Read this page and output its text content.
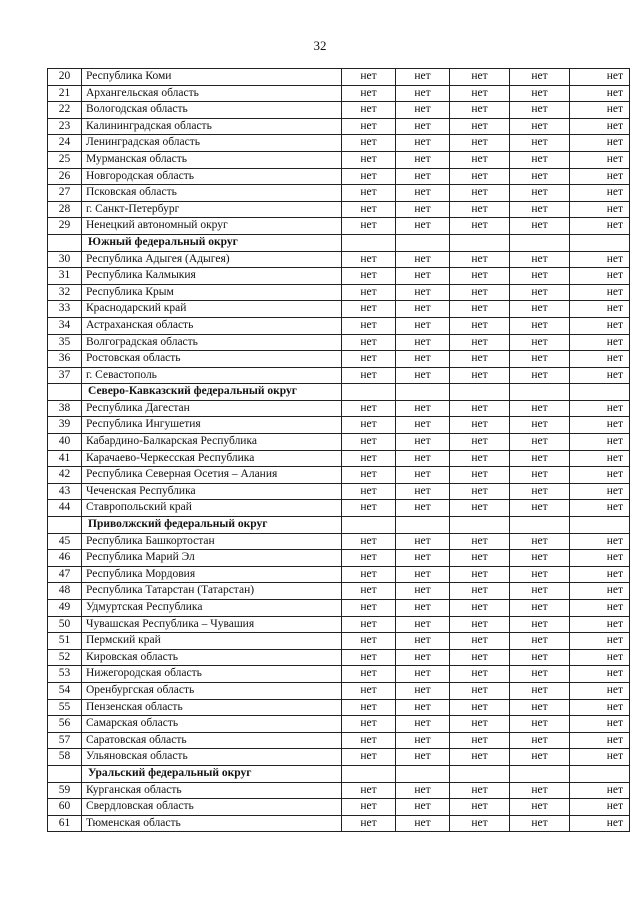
32
20	Республика Коми	нет	нет	нет	нет	нет
21	Архангельская область	нет	нет	нет	нет	нет
22	Вологодская область	нет	нет	нет	нет	нет
23	Калининградская область	нет	нет	нет	нет	нет
24	Ленинградская область	нет	нет	нет	нет	нет
25	Мурманская область	нет	нет	нет	нет	нет
26	Новгородская область	нет	нет	нет	нет	нет
27	Псковская область	нет	нет	нет	нет	нет
28	г. Санкт-Петербург	нет	нет	нет	нет	нет
29	Ненецкий автономный округ	нет	нет	нет	нет	нет
	Южный федеральный округ					
30	Республика Адыгея (Адыгея)	нет	нет	нет	нет	нет
31	Республика Калмыкия	нет	нет	нет	нет	нет
32	Республика Крым	нет	нет	нет	нет	нет
33	Краснодарский край	нет	нет	нет	нет	нет
34	Астраханская область	нет	нет	нет	нет	нет
35	Волгоградская область	нет	нет	нет	нет	нет
36	Ростовская область	нет	нет	нет	нет	нет
37	г. Севастополь	нет	нет	нет	нет	нет
	Северо-Кавказский федеральный округ					
38	Республика Дагестан	нет	нет	нет	нет	нет
39	Республика Ингушетия	нет	нет	нет	нет	нет
40	Кабардино-Балкарская Республика	нет	нет	нет	нет	нет
41	Карачаево-Черкесская Республика	нет	нет	нет	нет	нет
42	Республика Северная Осетия – Алания	нет	нет	нет	нет	нет
43	Чеченская Республика	нет	нет	нет	нет	нет
44	Ставропольский край	нет	нет	нет	нет	нет
	Приволжский федеральный округ					
45	Республика Башкортостан	нет	нет	нет	нет	нет
46	Республика Марий Эл	нет	нет	нет	нет	нет
47	Республика Мордовия	нет	нет	нет	нет	нет
48	Республика Татарстан (Татарстан)	нет	нет	нет	нет	нет
49	Удмуртская Республика	нет	нет	нет	нет	нет
50	Чувашская Республика – Чувашия	нет	нет	нет	нет	нет
51	Пермский край	нет	нет	нет	нет	нет
52	Кировская область	нет	нет	нет	нет	нет
53	Нижегородская область	нет	нет	нет	нет	нет
54	Оренбургская область	нет	нет	нет	нет	нет
55	Пензенская область	нет	нет	нет	нет	нет
56	Самарская область	нет	нет	нет	нет	нет
57	Саратовская область	нет	нет	нет	нет	нет
58	Ульяновская область	нет	нет	нет	нет	нет
	Уральский федеральный округ					
59	Курганская область	нет	нет	нет	нет	нет
60	Свердловская область	нет	нет	нет	нет	нет
61	Тюменская область	нет	нет	нет	нет	нет
